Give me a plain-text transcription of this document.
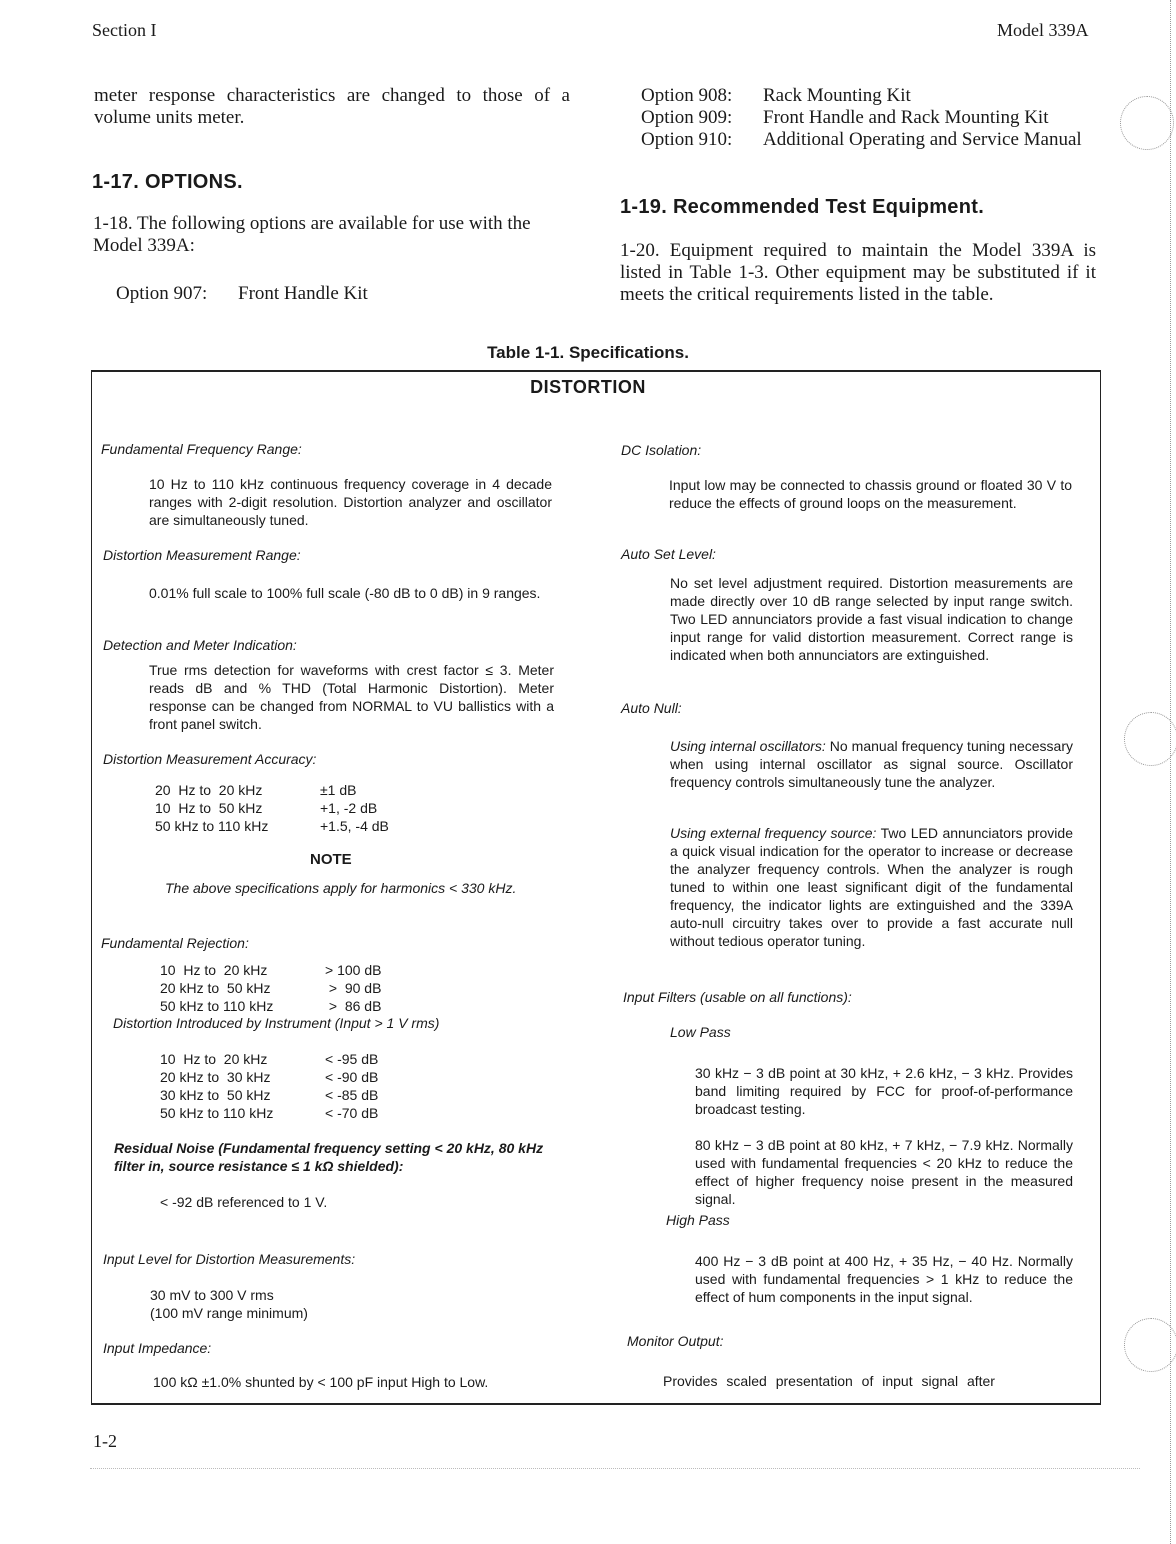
Section I	Model 339A
meter response characteristics are changed to those of a volume units meter.
1-17. OPTIONS.
1-18. The following options are available for use with the Model 339A:
Option 907:	Front Handle Kit
Option 908:	Rack Mounting Kit
Option 909:	Front Handle and Rack Mounting Kit
Option 910:	Additional Operating and Service Manual
1-19. Recommended Test Equipment.
1-20. Equipment required to maintain the Model 339A is listed in Table 1-3. Other equipment may be substituted if it meets the critical requirements listed in the table.
Table 1-1. Specifications.
DISTORTION
Fundamental Frequency Range:
10 Hz to 110 kHz continuous frequency coverage in 4 decade ranges with 2-digit resolution. Distortion analyzer and oscillator are simultaneously tuned.
Distortion Measurement Range:
0.01% full scale to 100% full scale (-80 dB to 0 dB) in 9 ranges.
Detection and Meter Indication:
True rms detection for waveforms with crest factor ≤ 3. Meter reads dB and % THD (Total Harmonic Distortion). Meter response can be changed from NORMAL to VU ballistics with a front panel switch.
Distortion Measurement Accuracy:
20  Hz to  20 kHz	±1 dB
10  Hz to  50 kHz	+1, -2 dB
50 kHz to 110 kHz	+1.5, -4 dB
NOTE
The above specifications apply for harmonics < 330 kHz.
Fundamental Rejection:
10  Hz to  20 kHz	> 100 dB
20 kHz to  50 kHz	>  90 dB
50 kHz to 110 kHz	>  86 dB
Distortion Introduced by Instrument (Input > 1 V rms)
10  Hz to  20 kHz	< -95 dB
20 kHz to  30 kHz	< -90 dB
30 kHz to  50 kHz	< -85 dB
50 kHz to 110 kHz	< -70 dB
Residual Noise (Fundamental frequency setting < 20 kHz, 80 kHz filter in, source resistance ≤ 1 kΩ shielded):
< -92 dB referenced to 1 V.
Input Level for Distortion Measurements:
30 mV to 300 V rms
(100 mV range minimum)
Input Impedance:
100 kΩ ±1.0% shunted by < 100 pF input High to Low.
DC Isolation:
Input low may be connected to chassis ground or floated 30 V to reduce the effects of ground loops on the measurement.
Auto Set Level:
No set level adjustment required. Distortion measurements are made directly over 10 dB range selected by input range switch. Two LED annunciators provide a fast visual indication to change input range for valid distortion measurement. Correct range is indicated when both annunciators are extinguished.
Auto Null:
Using internal oscillators: No manual frequency tuning necessary when using internal oscillator as signal source. Oscillator frequency controls simultaneously tune the analyzer.
Using external frequency source: Two LED annunciators provide a quick visual indication for the operator to increase or decrease the analyzer frequency controls. When the analyzer is rough tuned to within one least significant digit of the fundamental frequency, the indicator lights are extinguished and the 339A auto-null circuitry takes over to provide a fast accurate null without tedious operator tuning.
Input Filters (usable on all functions):
Low Pass
30 kHz − 3 dB point at 30 kHz, + 2.6 kHz, − 3 kHz. Provides band limiting required by FCC for proof-of-performance broadcast testing.
80 kHz − 3 dB point at 80 kHz, + 7 kHz, − 7.9 kHz. Normally used with fundamental frequencies < 20 kHz to reduce the effect of higher frequency noise present in the measured signal.
High Pass
400 Hz − 3 dB point at 400 Hz, + 35 Hz, − 40 Hz. Normally used with fundamental frequencies > 1 kHz to reduce the effect of hum components in the input signal.
Monitor Output:
Provides scaled presentation of input signal after
1-2
